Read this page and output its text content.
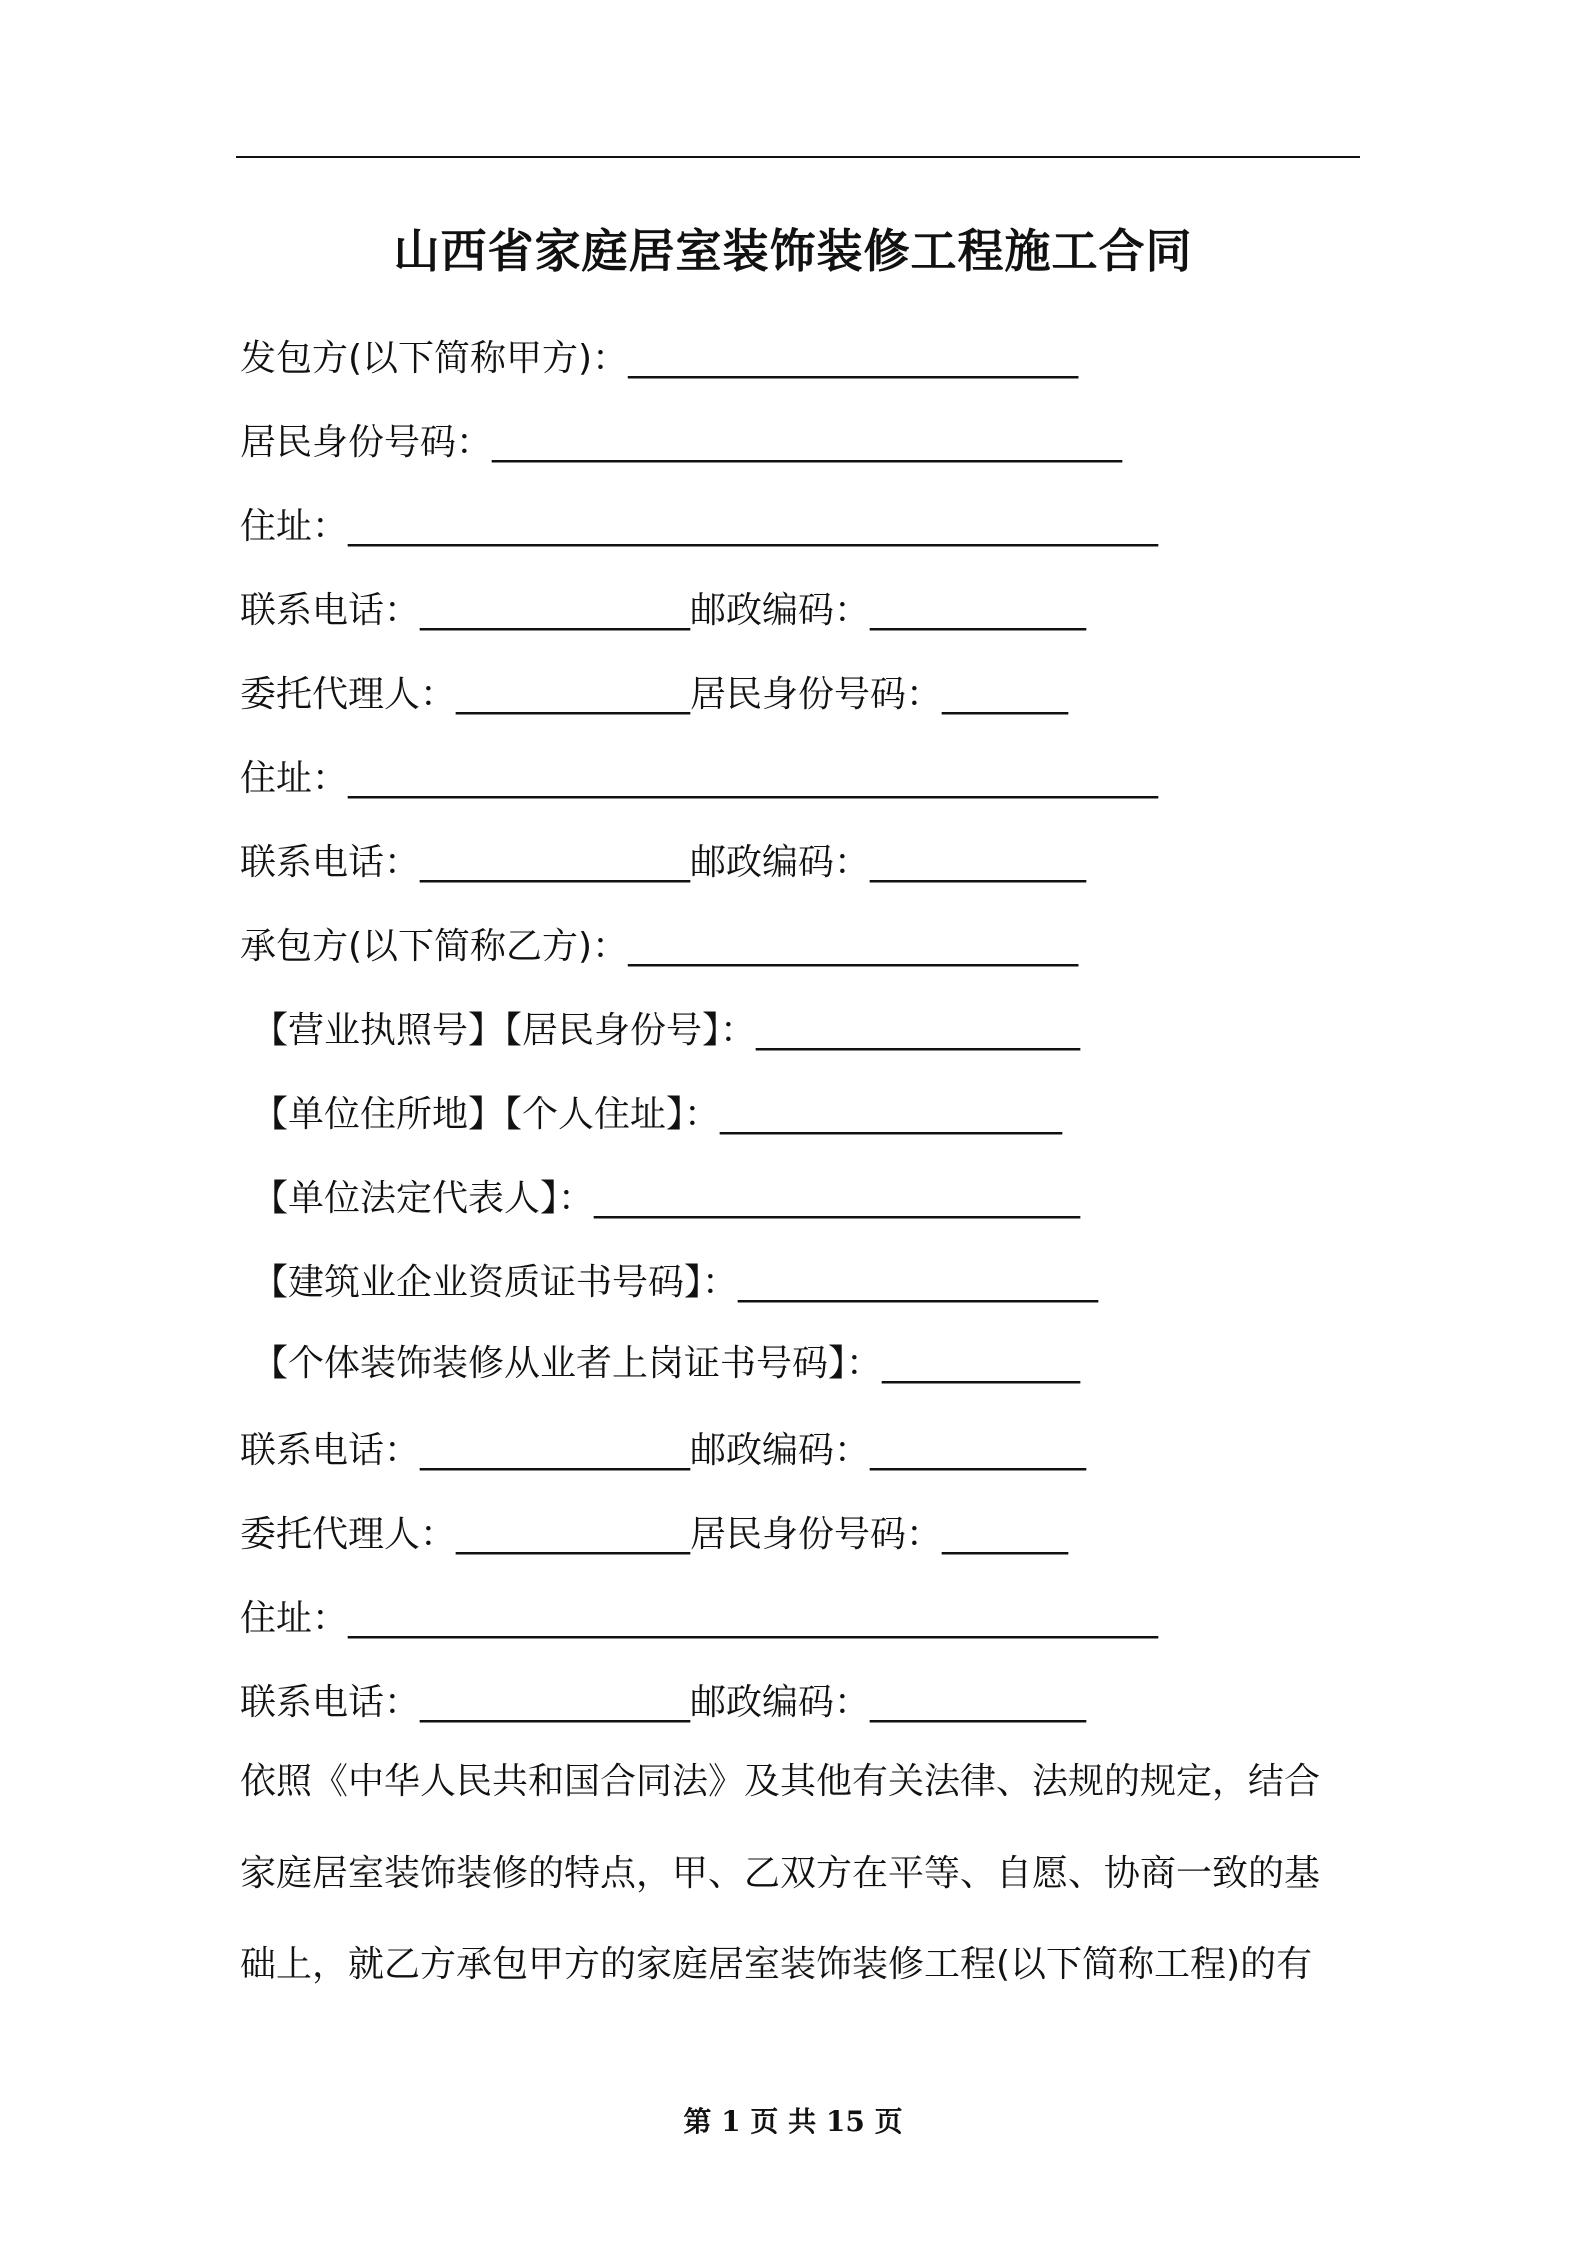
山西省家庭居室装饰装修工程施工合同
发包方(以下简称甲方)：_________________________
居民身份号码：___________________________________
住址：_____________________________________________
联系电话：_______________邮政编码：____________
委托代理人：_____________居民身份号码：_______
住址：_____________________________________________
联系电话：_______________邮政编码：____________
承包方(以下简称乙方)：_________________________
【营业执照号】【居民身份号】：__________________
【单位住所地】【个人住址】：___________________
【单位法定代表人】：___________________________
【建筑业企业资质证书号码】：____________________
【个体装饰装修从业者上岗证书号码】：___________
联系电话：_______________邮政编码：____________
委托代理人：_____________居民身份号码：_______
住址：_____________________________________________
联系电话：_______________邮政编码：____________
依照《中华人民共和国合同法》及其他有关法律、法规的规定，结合
家庭居室装饰装修的特点，甲、乙双方在平等、自愿、协商一致的基
础上，就乙方承包甲方的家庭居室装饰装修工程(以下简称工程)的有
第 1 页 共 15 页
